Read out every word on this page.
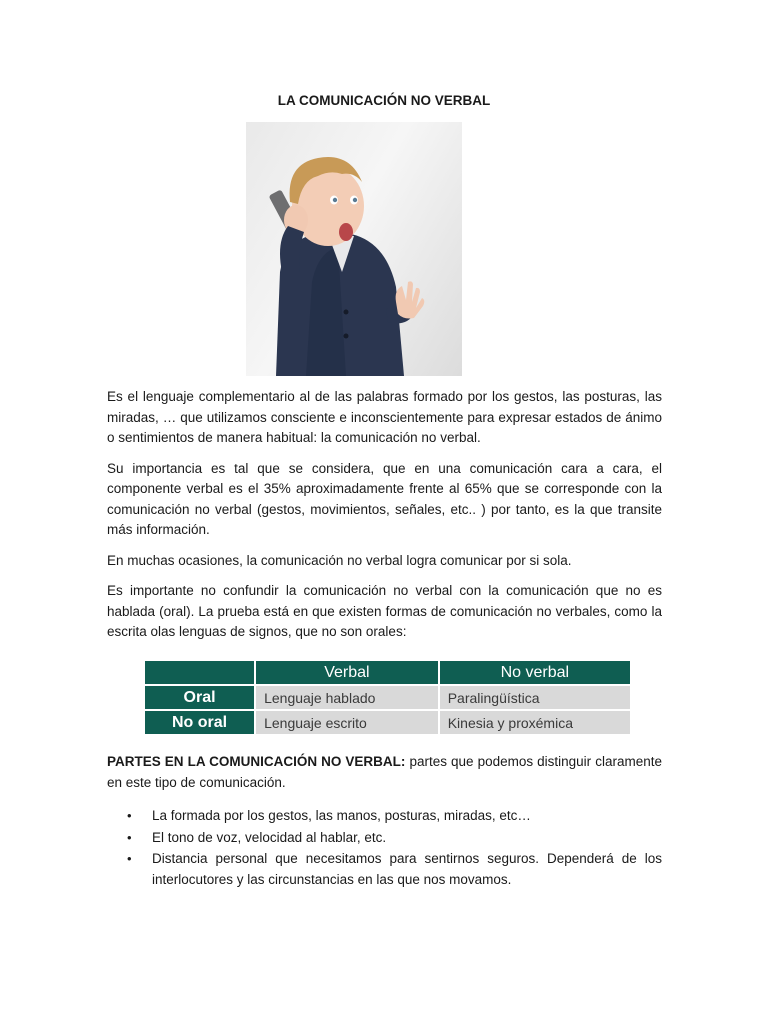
LA COMUNICACIÓN NO VERBAL

Es el lenguaje complementario al de las palabras formado por los gestos, las posturas, las miradas, … que utilizamos consciente e inconscientemente para expresar estados de ánimo o sentimientos de manera habitual: la comunicación no verbal.

Su importancia es tal que se considera, que en una comunicación cara a cara, el componente verbal es el 35% aproximadamente frente al 65% que se corresponde con la comunicación no verbal (gestos, movimientos, señales, etc.. ) por tanto, es la que transite más información.

En muchas ocasiones, la comunicación no verbal logra comunicar por si sola.

Es importante no confundir la comunicación no verbal con la comunicación que no es hablada (oral). La prueba está en que existen formas de comunicación no verbales, como la escrita olas lenguas de signos, que no son orales:

	Verbal	No verbal
Oral	Lenguaje hablado	Paralingüística
No oral	Lenguaje escrito	Kinesia y proxémica

PARTES EN LA COMUNICACIÓN NO VERBAL: partes que podemos distinguir claramente en este tipo de comunicación.

• La formada por los gestos, las manos, posturas, miradas, etc…
• El tono de voz, velocidad al hablar, etc.
• Distancia personal que necesitamos para sentirnos seguros. Dependerá de los interlocutores y las circunstancias en las que nos movamos.
